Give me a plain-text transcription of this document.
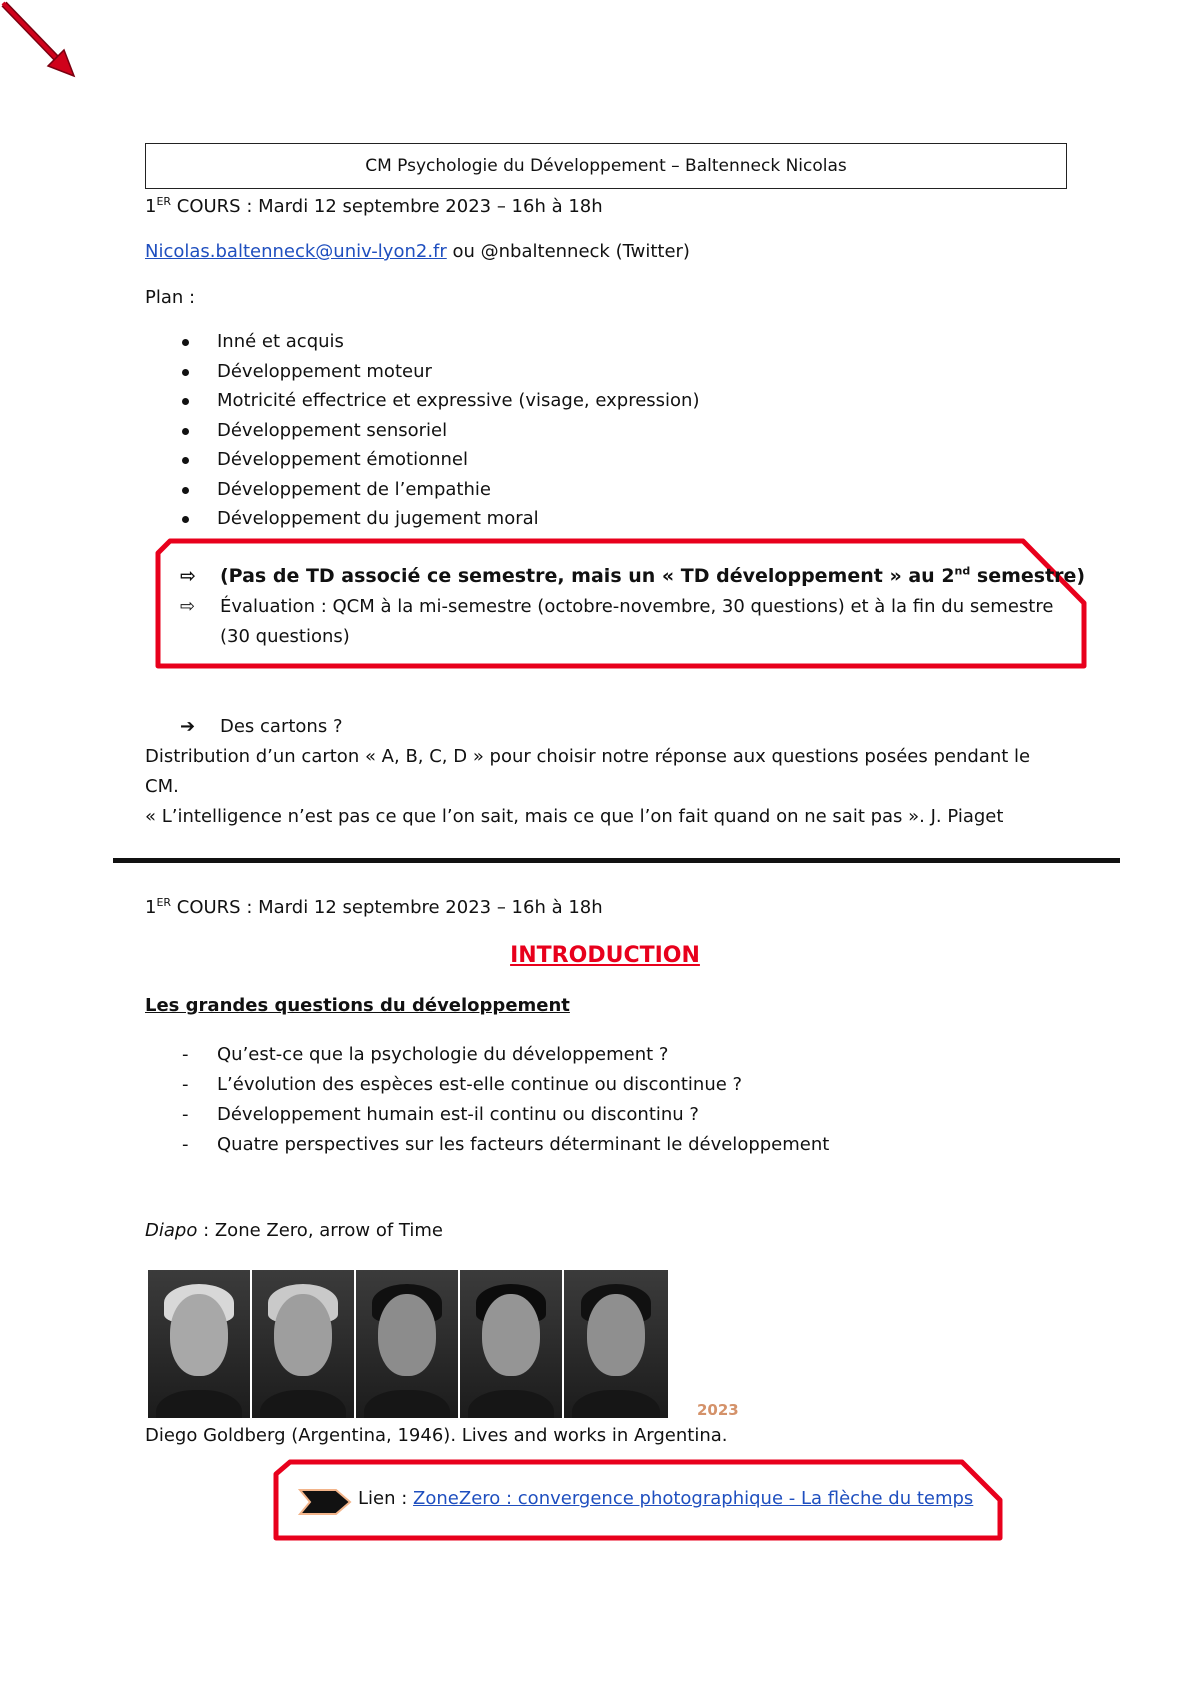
CM Psychologie du Développement – Baltenneck Nicolas
1ER COURS : Mardi 12 septembre 2023 – 16h à 18h
Nicolas.baltenneck@univ-lyon2.fr ou @nbaltenneck (Twitter)
Plan :
Inné et acquis
Développement moteur
Motricité effectrice et expressive (visage, expression)
Développement sensoriel
Développement émotionnel
Développement de l’empathie
Développement du jugement moral
⇨ (Pas de TD associé ce semestre, mais un « TD développement » au 2nd semestre)
⇨ Évaluation : QCM à la mi-semestre (octobre-novembre, 30 questions) et à la fin du semestre
(30 questions)
➔ Des cartons ?
Distribution d’un carton « A, B, C, D » pour choisir notre réponse aux questions posées pendant le
CM.
« L’intelligence n’est pas ce que l’on sait, mais ce que l’on fait quand on ne sait pas ». J. Piaget
1ER COURS : Mardi 12 septembre 2023 – 16h à 18h
INTRODUCTION
Les grandes questions du développement
- Qu’est-ce que la psychologie du développement ?
- L’évolution des espèces est-elle continue ou discontinue ?
- Développement humain est-il continu ou discontinu ?
- Quatre perspectives sur les facteurs déterminant le développement
Diapo : Zone Zero, arrow of Time
2023
Diego Goldberg (Argentina, 1946). Lives and works in Argentina.
Lien : ZoneZero : convergence photographique - La flèche du temps
